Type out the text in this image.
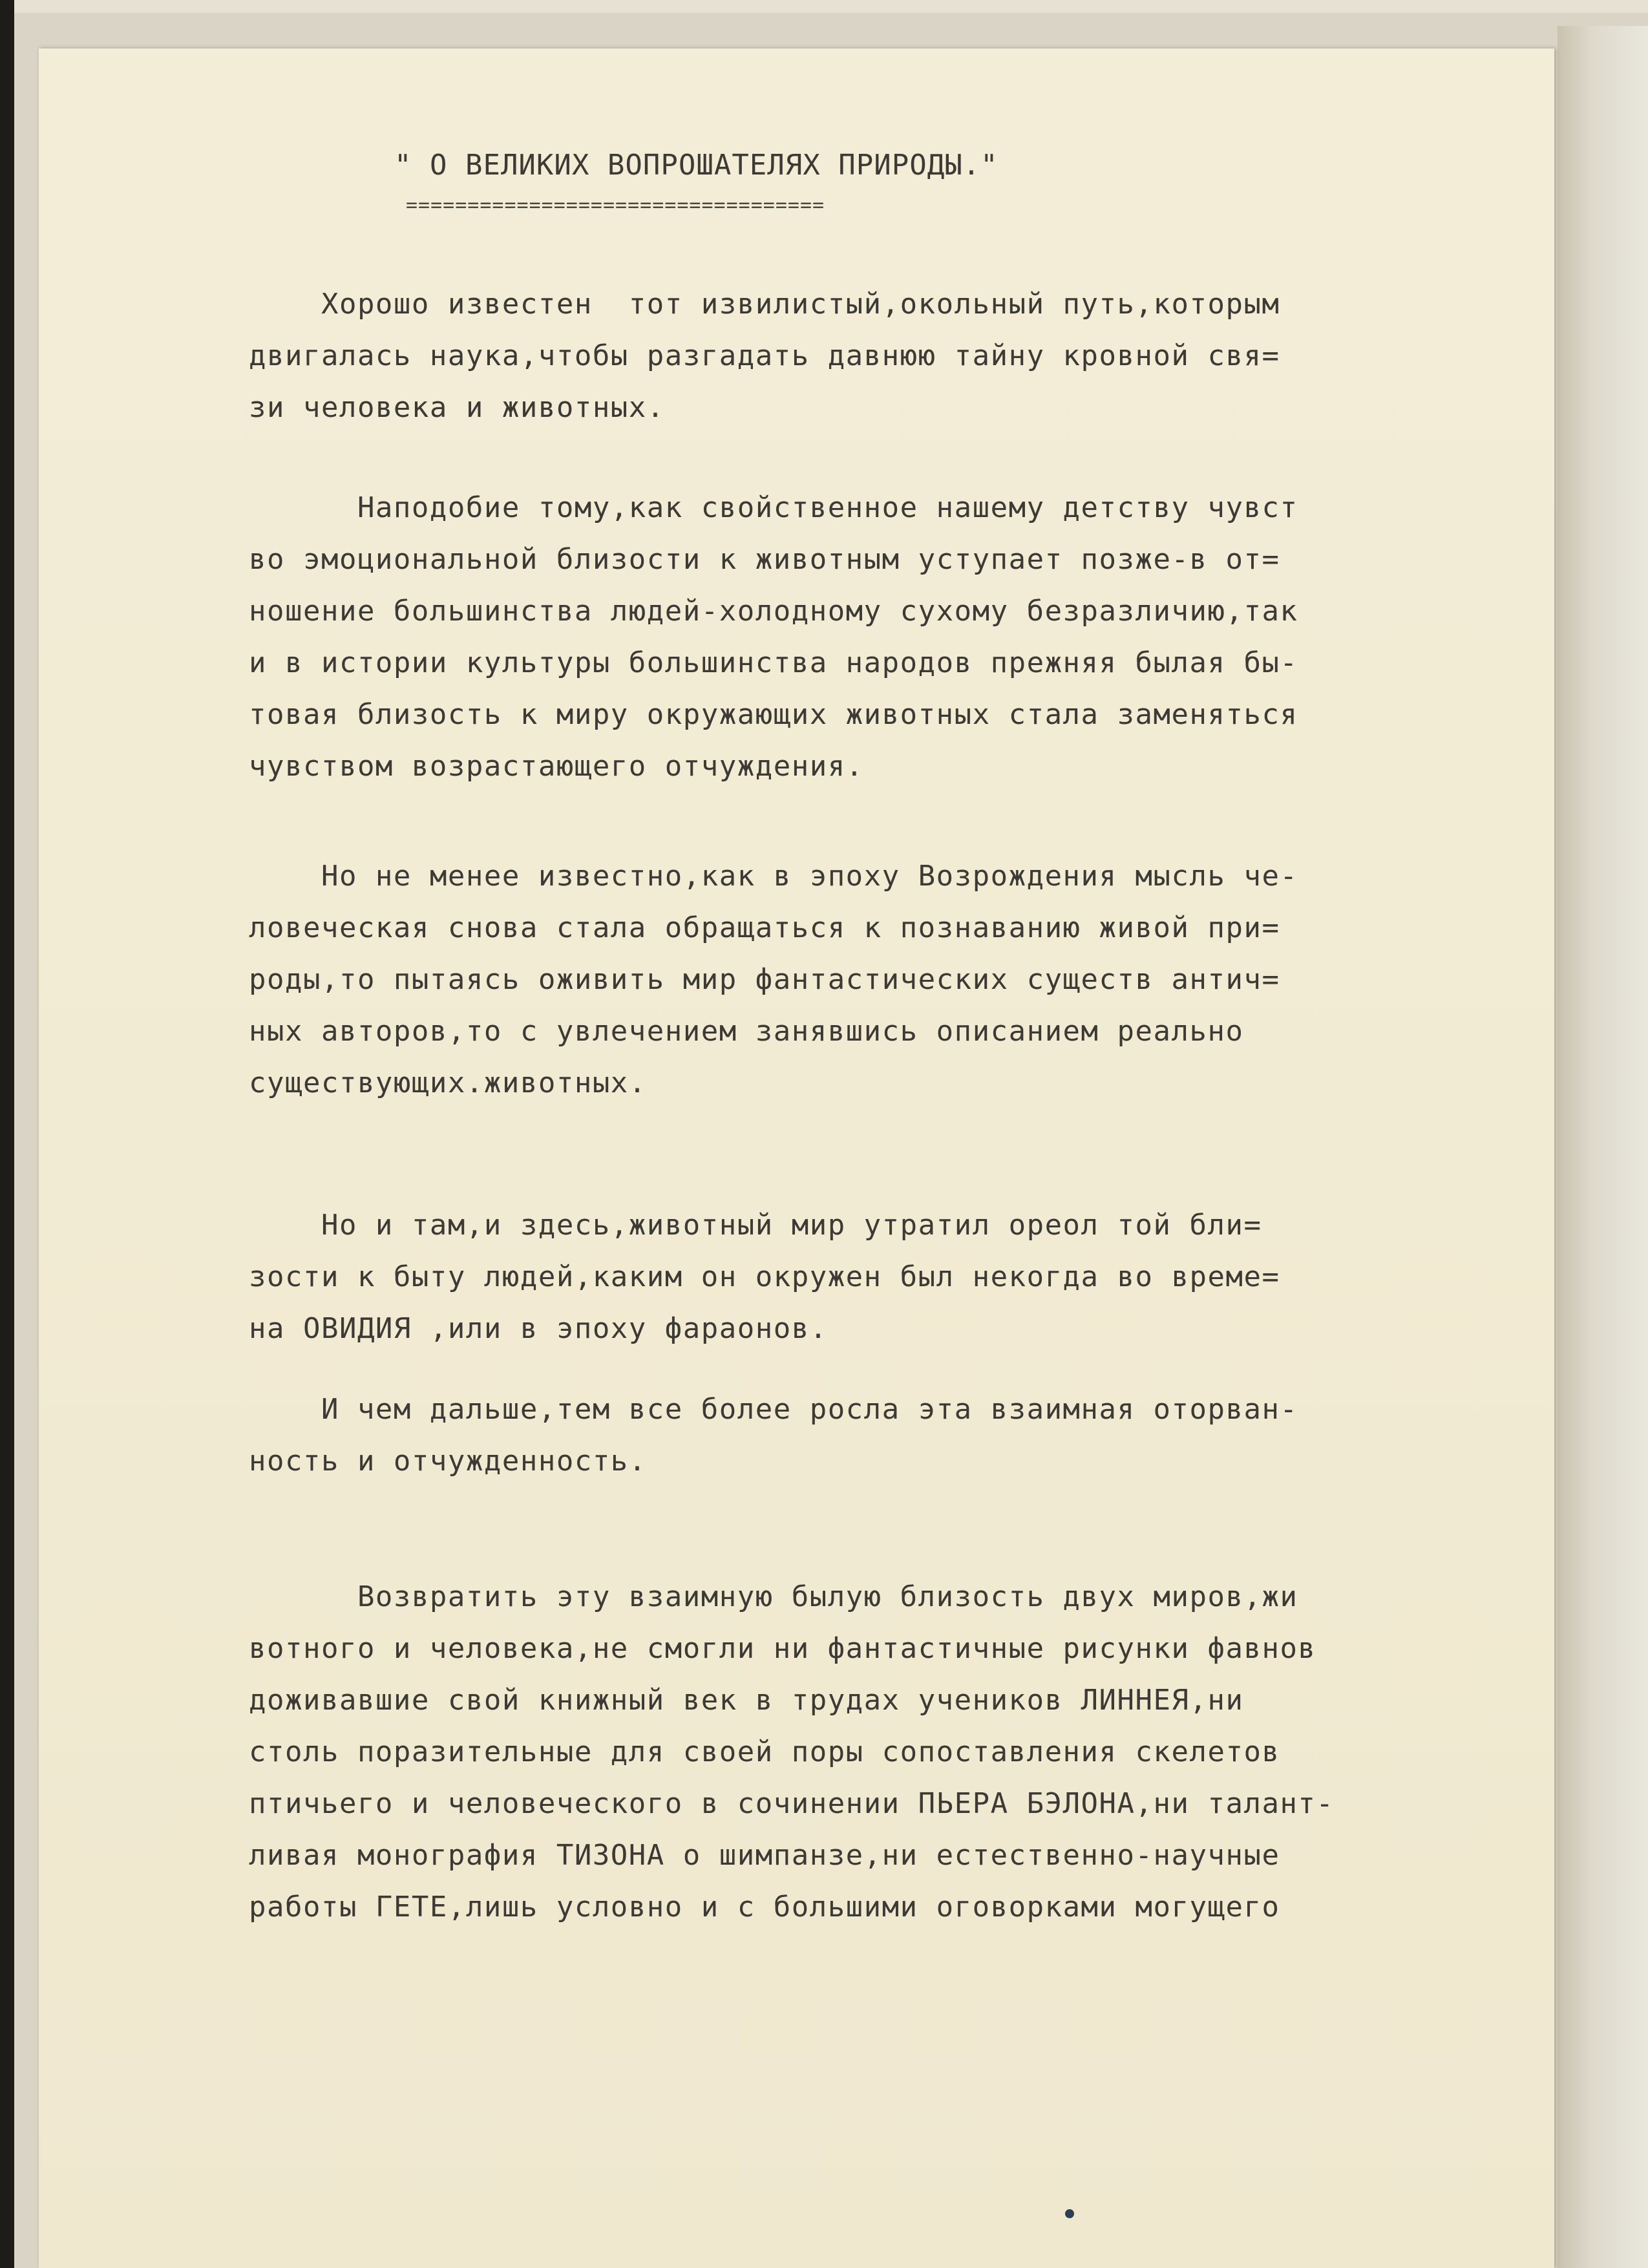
" О ВЕЛИКИХ ВОПРОШАТЕЛЯХ ПРИРОДЫ."
==================================
Хорошо известен  тот извилистый,окольный путь,которым
двигалась наука,чтобы разгадать давнюю тайну кровной свя=
зи человека и животных.
Наподобие тому,как свойственное нашему детству чувст
во эмоциональной близости к животным уступает позже-в от=
ношение большинства людей-холодному сухому безразличию,так
и в истории культуры большинства народов прежняя былая бы-
товая близость к миру окружающих животных стала заменяться
чувством возрастающего отчуждения.
Но не менее известно,как в эпоху Возрождения мысль че-
ловеческая снова стала обращаться к познаванию живой при=
роды,то пытаясь оживить мир фантастических существ антич=
ных авторов,то с увлечением занявшись описанием реально
существующих.животных.
Но и там,и здесь,животный мир утратил ореол той бли=
зости к быту людей,каким он окружен был некогда во време=
на ОВИДИЯ ,или в эпоху фараонов.
И чем дальше,тем все более росла эта взаимная оторван-
ность и отчужденность.
Возвратить эту взаимную былую близость двух миров,жи
вотного и человека,не смогли ни фантастичные рисунки фавнов
доживавшие свой книжный век в трудах учеников ЛИННЕЯ,ни
столь поразительные для своей поры сопоставления скелетов
птичьего и человеческого в сочинении ПЬЕРА БЭЛОНА,ни талант-
ливая монография ТИЗОНА о шимпанзе,ни естественно-научные
работы ГЕТЕ,лишь условно и с большими оговорками могущего
